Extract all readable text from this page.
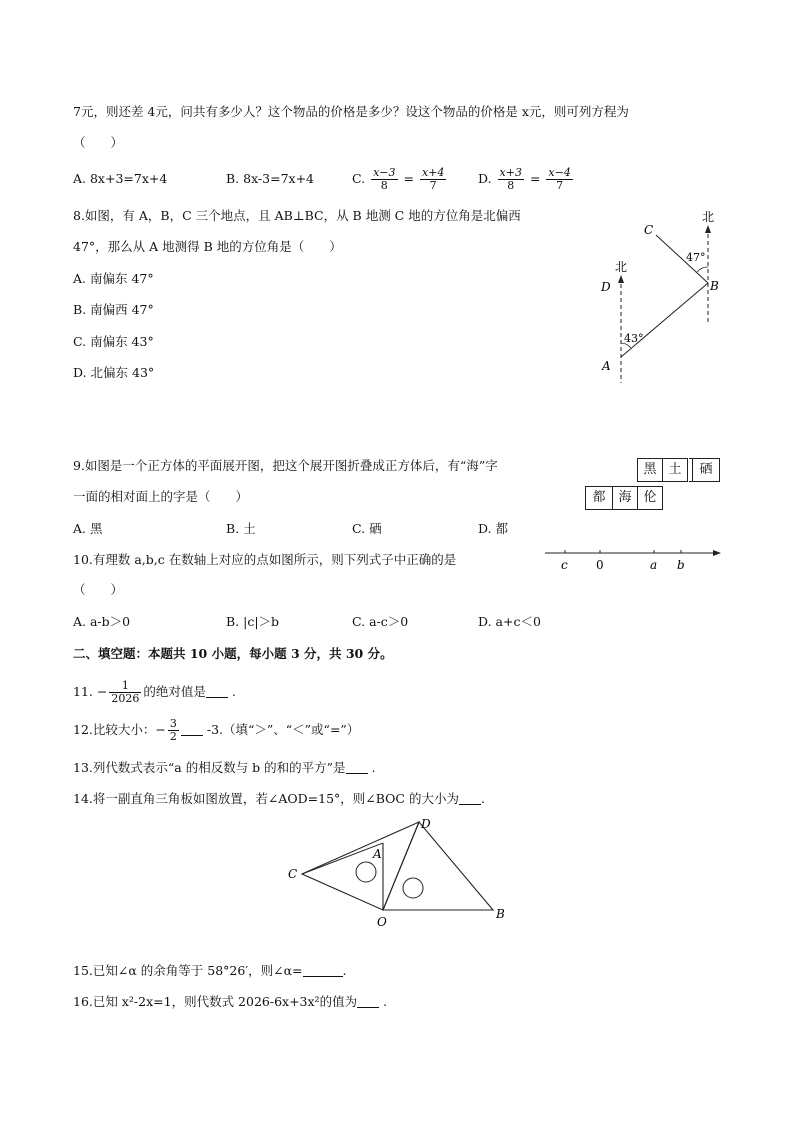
7元，则还差 4元，问共有多少人？这个物品的价格是多少？设这个物品的价格是 x元，则可列方程为
（　　）
A. 8x+3=7x+4	B. 8x-3=7x+4	C. $\frac{x-3}{8} = \frac{x+4}{7}$	D. $\frac{x+3}{8} = \frac{x-4}{7}$
8.如图，有 A，B，C 三个地点，且 AB⊥BC，从 B 地测 C 地的方位角是北偏西
47°，那么从 A 地测得 B 地的方位角是（　　）
A. 南偏东 47°
B. 南偏西 47°
C. 南偏东 43°
D. 北偏东 43°
北
C
47°
北
D	B
43°
A
9.如图是一个正方体的平面展开图，把这个展开图折叠成正方体后，有“海”字
一面的相对面上的字是（　　）
A. 黑	B. 土	C. 硒	D. 都
黑 土	硒
都 海 伦
10.有理数 a,b,c 在数轴上对应的点如图所示，则下列式子中正确的是
（　　）
A. a-b＞0	B. |c|＞b	C. a-c＞0	D. a+c＜0
c 0	a b
二、填空题：本题共 10 小题，每小题 3 分，共 30 分。
11. − $\frac{1}{2026}$ 的绝对值是 .
12.比较大小：− $\frac{3}{2} -3$.（填“＞”、“＜”或“=”）
13.列代数式表示“a 的相反数与 b 的和的平方”是 .
14.将一副直角三角板如图放置，若∠AOD=15°，则∠BOC 的大小为 .
C
A
D
O
B
15.已知∠α 的余角等于 58°26′，则∠α=	.
16.已知 x²-2x=1，则代数式 2026-6x+3x²的值为 .
